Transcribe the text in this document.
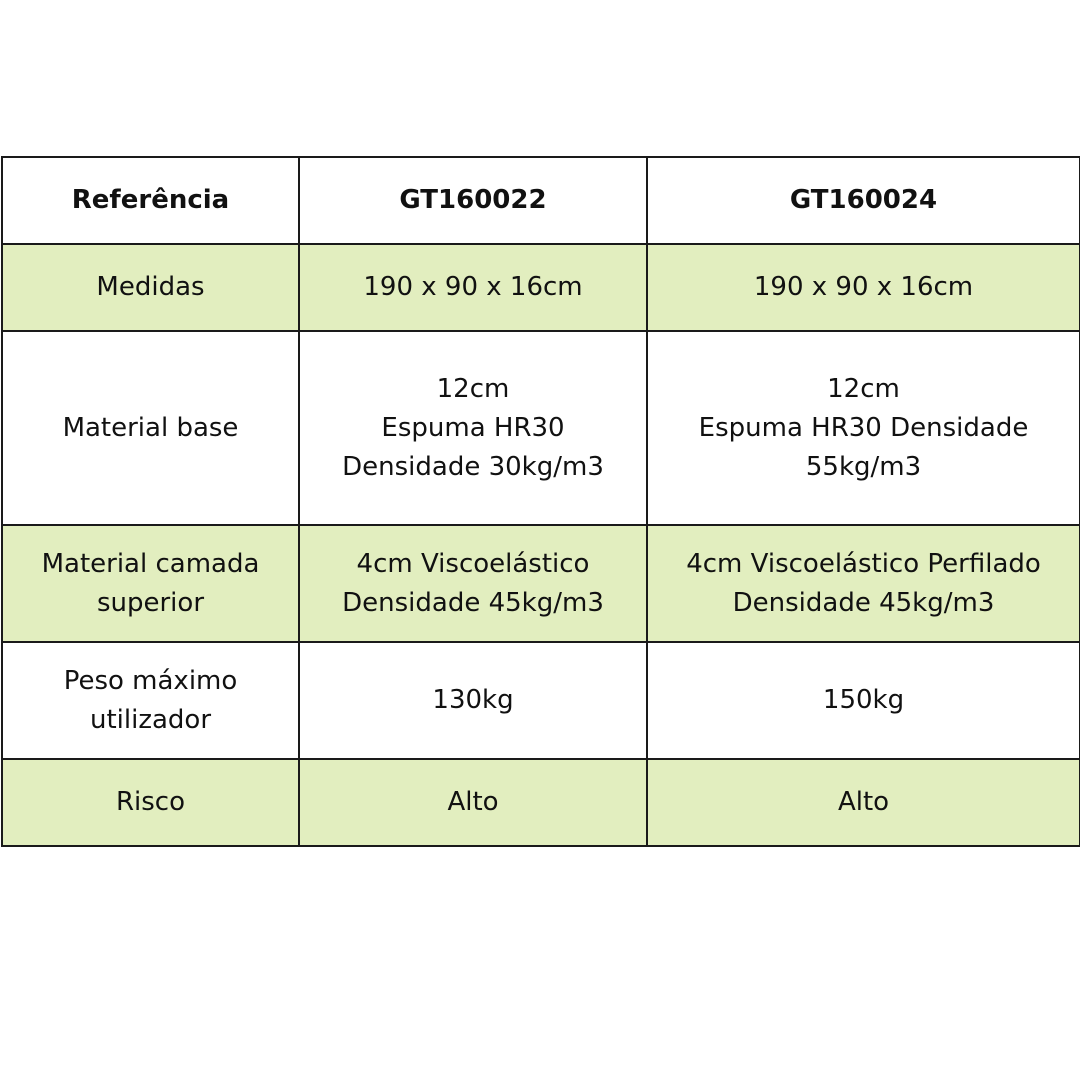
Referência	GT160022	GT160024

Medidas	190 x 90 x 16cm	190 x 90 x 16cm

Material base	12cm
Espuma HR30
Densidade 30kg/m3	12cm
Espuma HR30 Densidade
55kg/m3

Material camada
superior	4cm Viscoelástico
Densidade 45kg/m3	4cm Viscoelástico Perfilado
Densidade 45kg/m3

Peso máximo
utilizador	130kg	150kg

Risco	Alto	Alto
